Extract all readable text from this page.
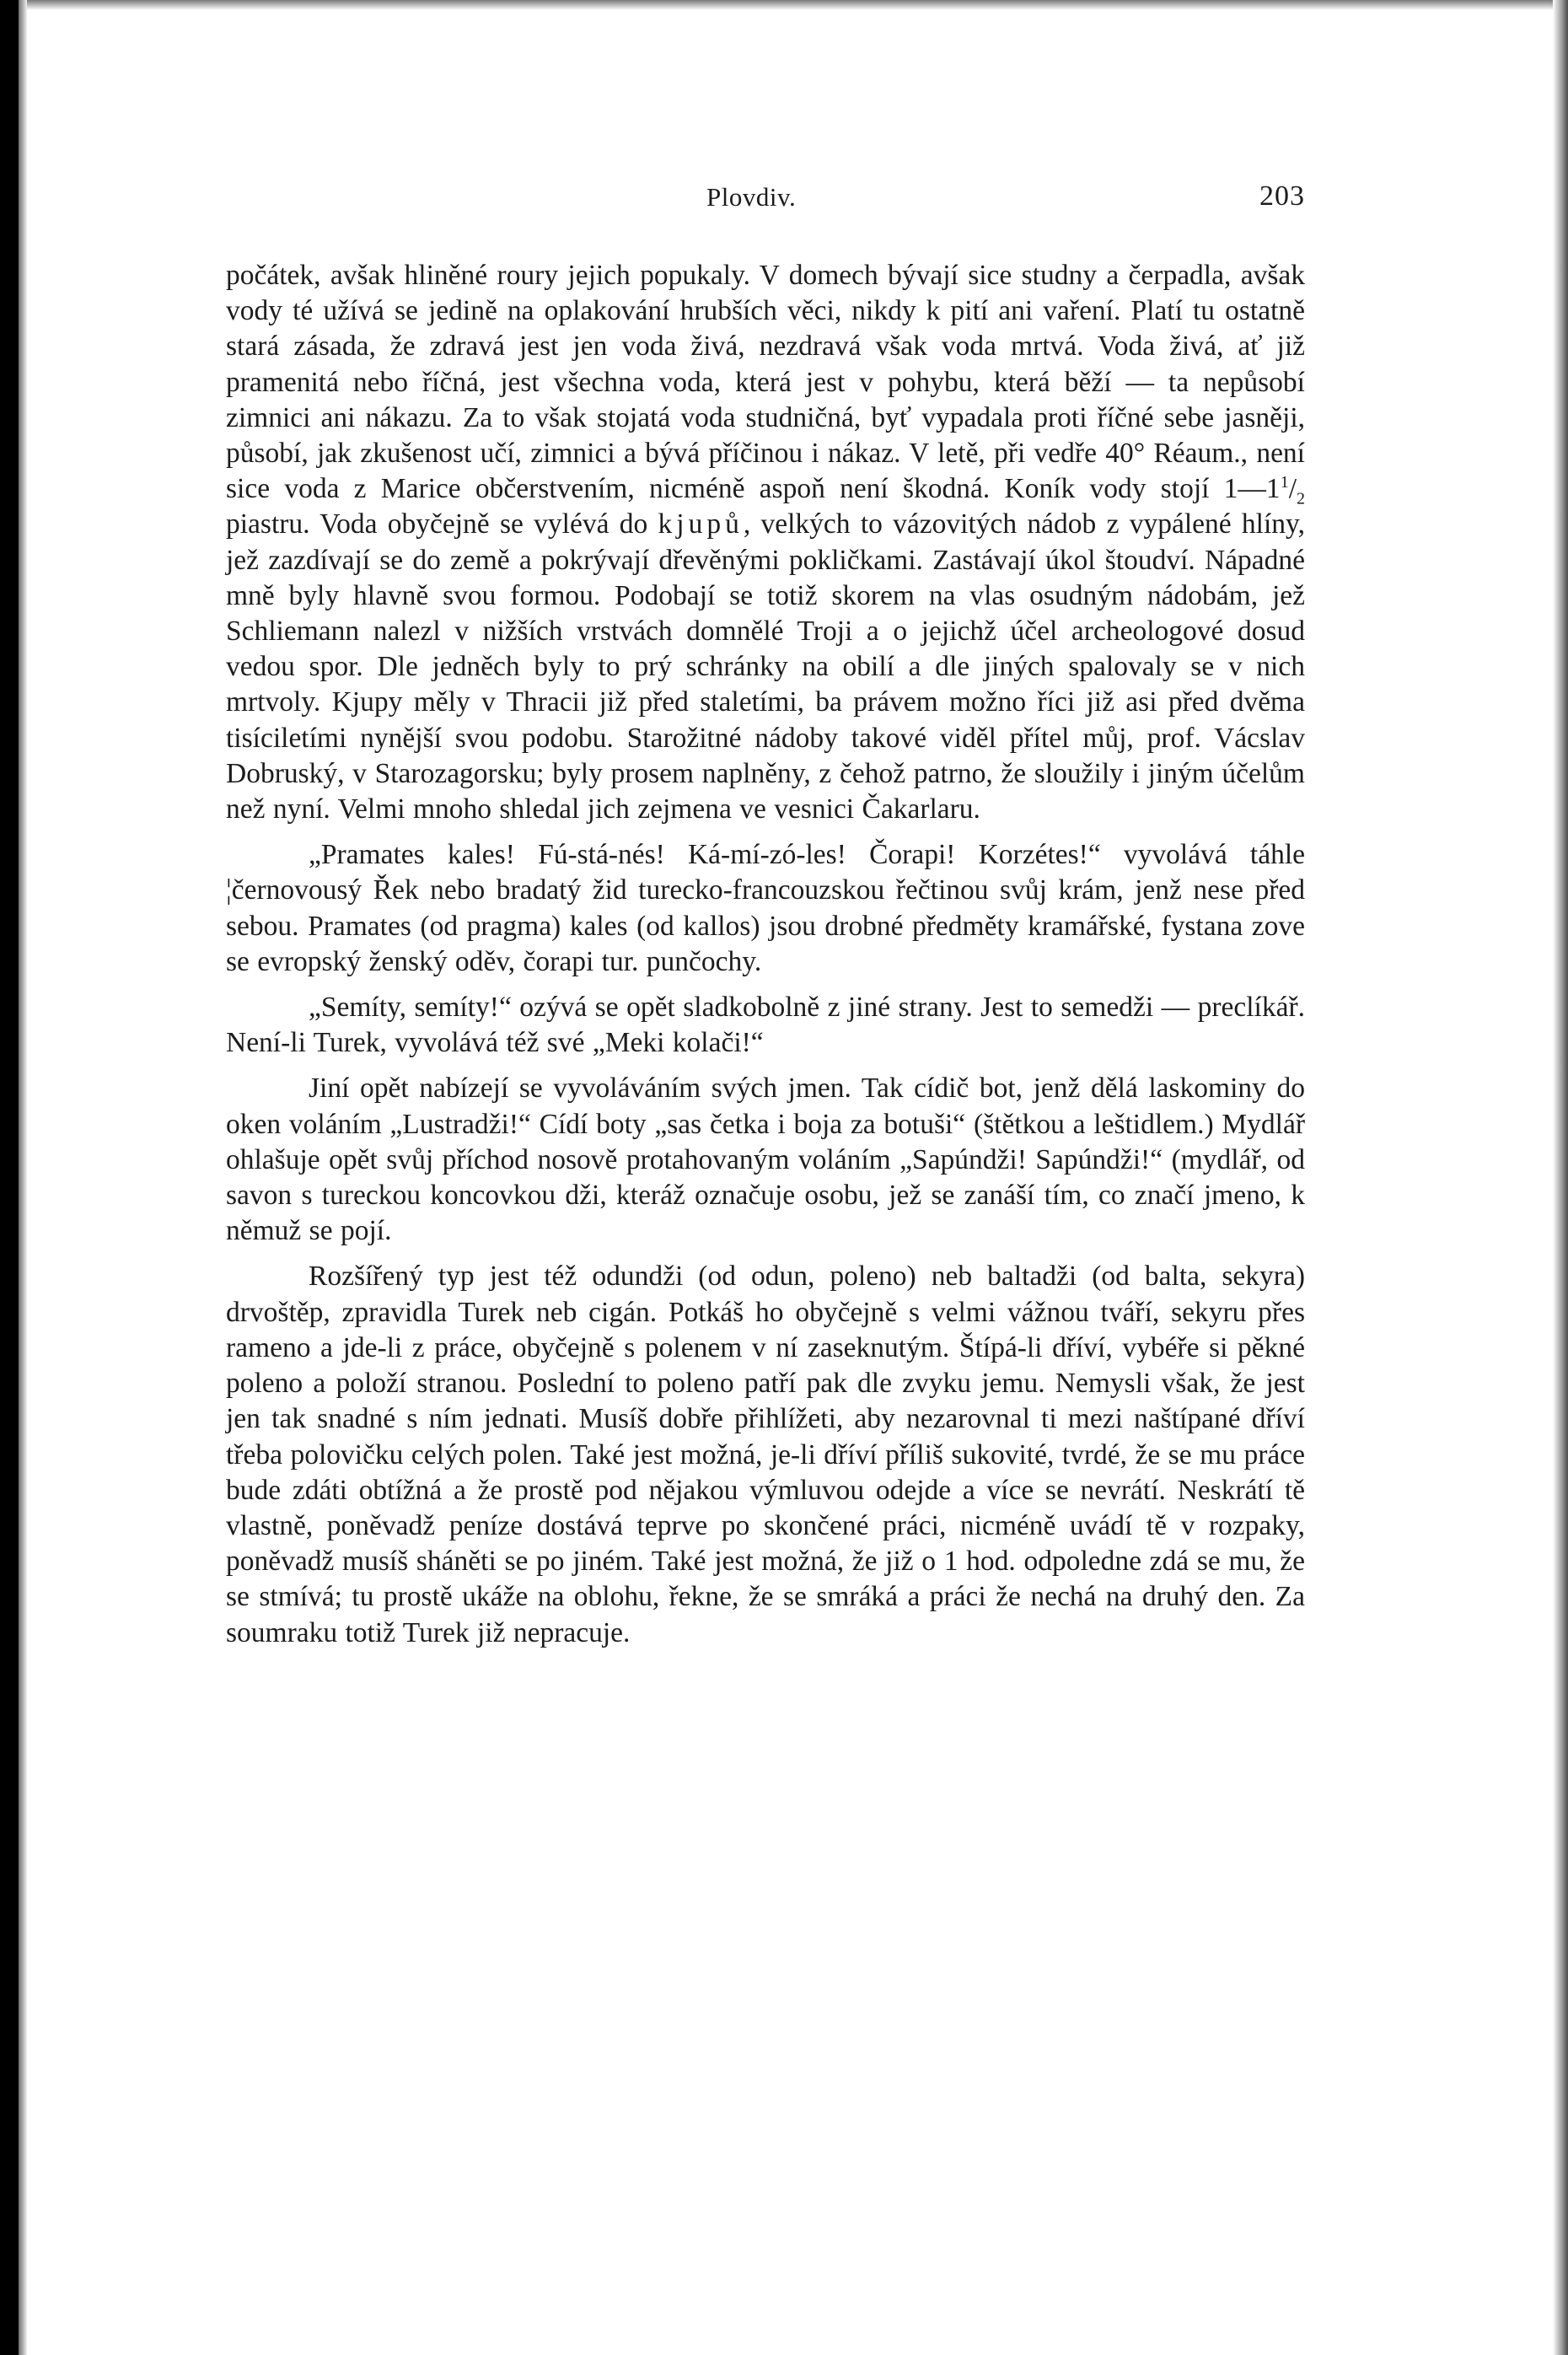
Plovdiv.	203

počátek, avšak hliněné roury jejich popukaly. V domech bývají sice studny a čerpadla, avšak vody té užívá se jedině na oplakování hrubších věci, nikdy k pití ani vaření. Platí tu ostatně stará zásada, že zdravá jest jen voda živá, nezdravá však voda mrtvá. Voda živá, ať již pramenitá nebo říčná, jest všechna voda, která jest v pohybu, která běží — ta nepůsobí zimnici ani nákazu. Za to však stojatá voda studničná, byť vypadala proti říčné sebe jasněji, působí, jak zkušenost učí, zimnici a bývá příčinou i nákaz. V letě, při vedře 40° Réaum., není sice voda z Marice občerstvením, nicméně aspoň není škodná. Koník vody stojí $1—1^1/_2$ piastru. Voda obyčejně se vylévá do kjupů, velkých to vázovitých nádob z vypálené hlíny, jež zazdívají se do země a pokrývají dřevěnými pokličkami. Zastávají úkol štoudví. Nápadné mně byly hlavně svou formou. Podobají se totiž skorem na vlas osudným nádobám, jež Schliemann nalezl v nižších vrstvách domnělé Troji a o jejichž účel archeologové dosud vedou spor. Dle jedněch byly to prý schránky na obilí a dle jiných spalovaly se v nich mrtvoly. Kjupy měly v Thracii již před staletími, ba právem možno říci již asi před dvěma tisíciletími nynější svou podobu. Starožitné nádoby takové viděl přítel můj, prof. Vácslav Dobruský, v Starozagorsku; byly prosem naplněny, z čehož patrno, že sloužily i jiným účelům než nyní. Velmi mnoho shledal jich zejmena ve vesnici Čakarlaru.

„Pramates kales! Fú-stá-nés! Ká-mí-zó-les! Čorapi! Korzétes!“ vyvolává táhle ¦černovousý Řek nebo bradatý žid turecko-francouzskou řečtinou svůj krám, jenž nese před sebou. Pramates (od pragma) kales (od kallos) jsou drobné předměty kramářské, fystana zove se evropský ženský oděv, čorapi tur. punčochy.

„Semíty, semíty!“ ozývá se opět sladkobolně z jiné strany. Jest to semedži — preclíkář. Není-li Turek, vyvolává též své „Meki kolači!“

Jiní opět nabízejí se vyvoláváním svých jmen. Tak cídič bot, jenž dělá laskominy do oken voláním „Lustradži!“ Cídí boty „sas četka i boja za botuši“ (štětkou a leštidlem.) Mydlář ohlašuje opět svůj příchod nosově protahovaným voláním „Sapúndži! Sapúndži!“ (mydlář, od savon s tureckou koncovkou dži, kteráž označuje osobu, jež se zanáší tím, co značí jmeno, k němuž se pojí.

Rozšířený typ jest též odundži (od odun, poleno) neb baltadži (od balta, sekyra) drvoštěp, zpravidla Turek neb cigán. Potkáš ho obyčejně s velmi vážnou tváří, sekyru přes rameno a jde-li z práce, obyčejně s polenem v ní zaseknutým. Štípá-li dříví, vybéře si pěkné poleno a položí stranou. Poslední to poleno patří pak dle zvyku jemu. Nemysli však, že jest jen tak snadné s ním jednati. Musíš dobře přihlížeti, aby nezarovnal ti mezi naštípané dříví třeba polovičku celých polen. Také jest možná, je-li dříví příliš sukovité, tvrdé, že se mu práce bude zdáti obtížná a že prostě pod nějakou výmluvou odejde a více se nevrátí. Neskrátí tě vlastně, poněvadž peníze dostává teprve po skončené práci, nicméně uvádí tě v rozpaky, poněvadž musíš sháněti se po jiném. Také jest možná, že již o 1 hod. odpoledne zdá se mu, že se stmívá; tu prostě ukáže na oblohu, řekne, že se smráká a práci že nechá na druhý den. Za soumraku totiž Turek již nepracuje.
